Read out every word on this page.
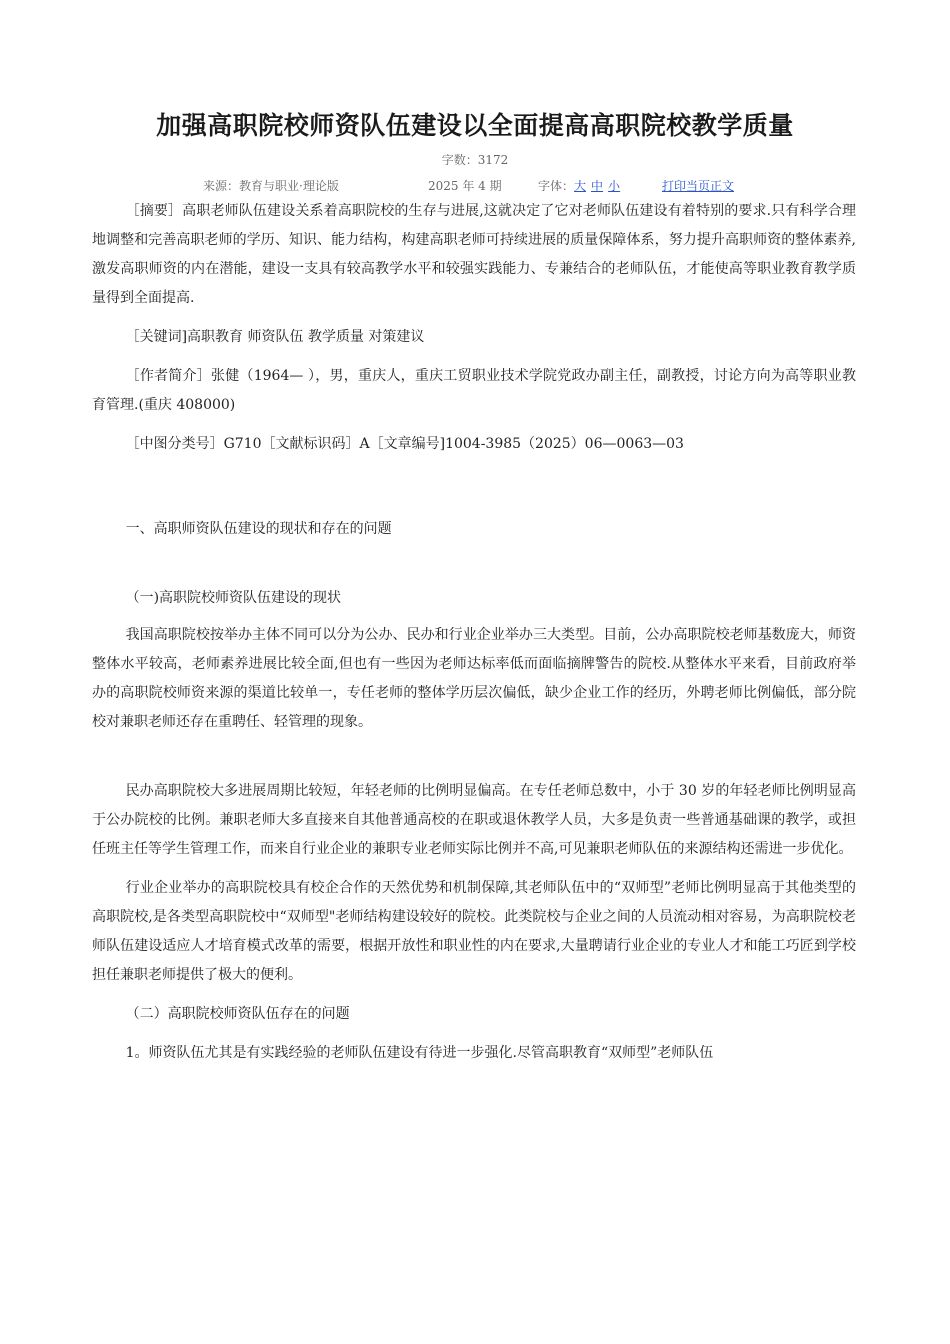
加强高职院校师资队伍建设以全面提高高职院校教学质量
字数：3172
来源：教育与职业·理论版	2025 年 4 期	字体：大 中 小	打印当页正文

［摘要］高职老师队伍建设关系着高职院校的生存与进展,这就决定了它对老师队伍建设有着特别的要求.只有科学合理地调整和完善高职老师的学历、知识、能力结构，构建高职老师可持续进展的质量保障体系，努力提升高职师资的整体素养,激发高职师资的内在潜能，建设一支具有较高教学水平和较强实践能力、专兼结合的老师队伍，才能使高等职业教育教学质量得到全面提高.

［关键词]高职教育 师资队伍 教学质量 对策建议

［作者简介］张健（1964— ），男，重庆人，重庆工贸职业技术学院党政办副主任，副教授，讨论方向为高等职业教育管理.(重庆 408000)

［中图分类号］G710［文献标识码］A［文章编号]1004-3985（2025）06—0063—03

一、高职师资队伍建设的现状和存在的问题
（一)高职院校师资队伍建设的现状

我国高职院校按举办主体不同可以分为公办、民办和行业企业举办三大类型。目前，公办高职院校老师基数庞大，师资整体水平较高，老师素养进展比较全面,但也有一些因为老师达标率低而面临摘牌警告的院校.从整体水平来看，目前政府举办的高职院校师资来源的渠道比较单一，专任老师的整体学历层次偏低，缺少企业工作的经历，外聘老师比例偏低，部分院校对兼职老师还存在重聘任、轻管理的现象。

民办高职院校大多进展周期比较短，年轻老师的比例明显偏高。在专任老师总数中，小于 30 岁的年轻老师比例明显高于公办院校的比例。兼职老师大多直接来自其他普通高校的在职或退休教学人员，大多是负责一些普通基础课的教学，或担任班主任等学生管理工作，而来自行业企业的兼职专业老师实际比例并不高,可见兼职老师队伍的来源结构还需进一步优化。

行业企业举办的高职院校具有校企合作的天然优势和机制保障,其老师队伍中的“双师型”老师比例明显高于其他类型的高职院校,是各类型高职院校中“双师型"老师结构建设较好的院校。此类院校与企业之间的人员流动相对容易，为高职院校老师队伍建设适应人才培育模式改革的需要，根据开放性和职业性的内在要求,大量聘请行业企业的专业人才和能工巧匠到学校担任兼职老师提供了极大的便利。

（二）高职院校师资队伍存在的问题

1。师资队伍尤其是有实践经验的老师队伍建设有待进一步强化.尽管高职教育“双师型”老师队伍
